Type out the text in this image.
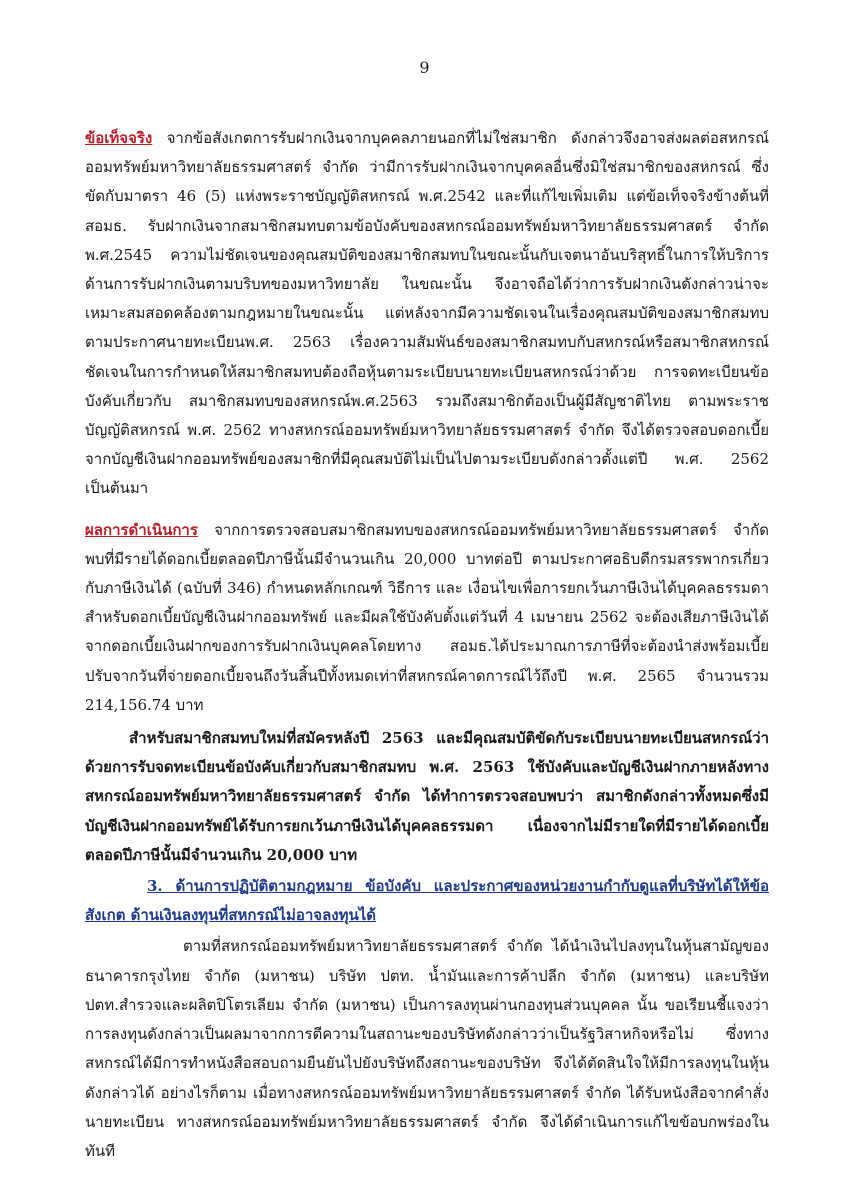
9

ข้อเท็จจริง จากข้อสังเกตการรับฝากเงินจากบุคคลภายนอกที่ไม่ใช่สมาชิก ดังกล่าวจึงอาจส่งผลต่อสหกรณ์ออมทรัพย์มหาวิทยาลัยธรรมศาสตร์ จำกัด ว่ามีการรับฝากเงินจากบุคคลอื่นซึ่งมิใช่สมาชิกของสหกรณ์ ซึ่งขัดกับมาตรา 46 (5) แห่งพระราชบัญญัติสหกรณ์ พ.ศ.2542 และที่แก้ไขเพิ่มเติม แต่ข้อเท็จจริงข้างต้นที่ สอมธ. รับฝากเงินจากสมาชิกสมทบตามข้อบังคับของสหกรณ์ออมทรัพย์มหาวิทยาลัยธรรมศาสตร์ จำกัด พ.ศ.2545 ความไม่ชัดเจนของคุณสมบัติของสมาชิกสมทบในขณะนั้นกับเจตนาอันบริสุทธิ์ในการให้บริการด้านการรับฝากเงินตามบริบทของมหาวิทยาลัย ในขณะนั้น จึงอาจถือได้ว่าการรับฝากเงินดังกล่าวน่าจะเหมาะสมสอดคล้องตามกฎหมายในขณะนั้น แต่หลังจากมีความชัดเจนในเรื่องคุณสมบัติของสมาชิกสมทบตามประกาศนายทะเบียนพ.ศ. 2563 เรื่องความสัมพันธ์ของสมาชิกสมทบกับสหกรณ์หรือสมาชิกสหกรณ์ ชัดเจนในการกำหนดให้สมาชิกสมทบต้องถือหุ้นตามระเบียบนายทะเบียนสหกรณ์ว่าด้วย การจดทะเบียนข้อบังคับเกี่ยวกับ สมาชิกสมทบของสหกรณ์พ.ศ.2563 รวมถึงสมาชิกต้องเป็นผู้มีสัญชาติไทย ตามพระราชบัญญัติสหกรณ์ พ.ศ. 2562 ทางสหกรณ์ออมทรัพย์มหาวิทยาลัยธรรมศาสตร์ จำกัด จึงได้ตรวจสอบดอกเบี้ยจากบัญชีเงินฝากออมทรัพย์ของสมาชิกที่มีคุณสมบัติไม่เป็นไปตามระเบียบดังกล่าวตั้งแต่ปี พ.ศ. 2562 เป็นต้นมา

ผลการดำเนินการ จากการตรวจสอบสมาชิกสมทบของสหกรณ์ออมทรัพย์มหาวิทยาลัยธรรมศาสตร์ จำกัด พบที่มีรายได้ดอกเบี้ยตลอดปีภาษีนั้นมีจำนวนเกิน 20,000 บาทต่อปี ตามประกาศอธิบดีกรมสรรพากรเกี่ยวกับภาษีเงินได้ (ฉบับที่ 346) กำหนดหลักเกณฑ์ วิธีการ และ เงื่อนไขเพื่อการยกเว้นภาษีเงินได้บุคคลธรรมดาสำหรับดอกเบี้ยบัญชีเงินฝากออมทรัพย์ และมีผลใช้บังคับตั้งแต่วันที่ 4 เมษายน 2562 จะต้องเสียภาษีเงินได้จากดอกเบี้ยเงินฝากของการรับฝากเงินบุคคลโดยทาง สอมธ.ได้ประมาณการภาษีที่จะต้องนำส่งพร้อมเบี้ยปรับจากวันที่จ่ายดอกเบี้ยจนถึงวันสิ้นปีทั้งหมดเท่าที่สหกรณ์คาดการณ์ไว้ถึงปี พ.ศ. 2565 จำนวนรวม 214,156.74 บาท

สำหรับสมาชิกสมทบใหม่ที่สมัครหลังปี 2563 และมีคุณสมบัติขัดกับระเบียบนายทะเบียนสหกรณ์ว่าด้วยการรับจดทะเบียนข้อบังคับเกี่ยวกับสมาชิกสมทบ พ.ศ. 2563 ใช้บังคับและบัญชีเงินฝากภายหลังทางสหกรณ์ออมทรัพย์มหาวิทยาลัยธรรมศาสตร์ จำกัด ได้ทำการตรวจสอบพบว่า สมาชิกดังกล่าวทั้งหมดซึ่งมีบัญชีเงินฝากออมทรัพย์ได้รับการยกเว้นภาษีเงินได้บุคคลธรรมดา เนื่องจากไม่มีรายใดที่มีรายได้ดอกเบี้ยตลอดปีภาษีนั้นมีจำนวนเกิน 20,000 บาท

3. ด้านการปฏิบัติตามกฎหมาย ข้อบังคับ และประกาศของหน่วยงานกำกับดูแลที่บริษัทได้ให้ข้อสังเกต ด้านเงินลงทุนที่สหกรณ์ไม่อาจลงทุนได้

ตามที่สหกรณ์ออมทรัพย์มหาวิทยาลัยธรรมศาสตร์ จำกัด ได้นำเงินไปลงทุนในหุ้นสามัญของธนาคารกรุงไทย จำกัด (มหาชน) บริษัท ปตท. น้ำมันและการค้าปลีก จำกัด (มหาชน) และบริษัท ปตท.สำรวจและผลิตปิโตรเลียม จำกัด (มหาชน) เป็นการลงทุนผ่านกองทุนส่วนบุคคล นั้น ขอเรียนชี้แจงว่า การลงทุนดังกล่าวเป็นผลมาจากการตีความในสถานะของบริษัทดังกล่าวว่าเป็นรัฐวิสาหกิจหรือไม่ ซึ่งทางสหกรณ์ได้มีการทำหนังสือสอบถามยืนยันไปยังบริษัทถึงสถานะของบริษัท จึงได้ตัดสินใจให้มีการลงทุนในหุ้นดังกล่าวได้ อย่างไรก็ตาม เมื่อทางสหกรณ์ออมทรัพย์มหาวิทยาลัยธรรมศาสตร์ จำกัด ได้รับหนังสือจากคำสั่งนายทะเบียน ทางสหกรณ์ออมทรัพย์มหาวิทยาลัยธรรมศาสตร์ จำกัด จึงได้ดำเนินการแก้ไขข้อบกพร่องในทันที
